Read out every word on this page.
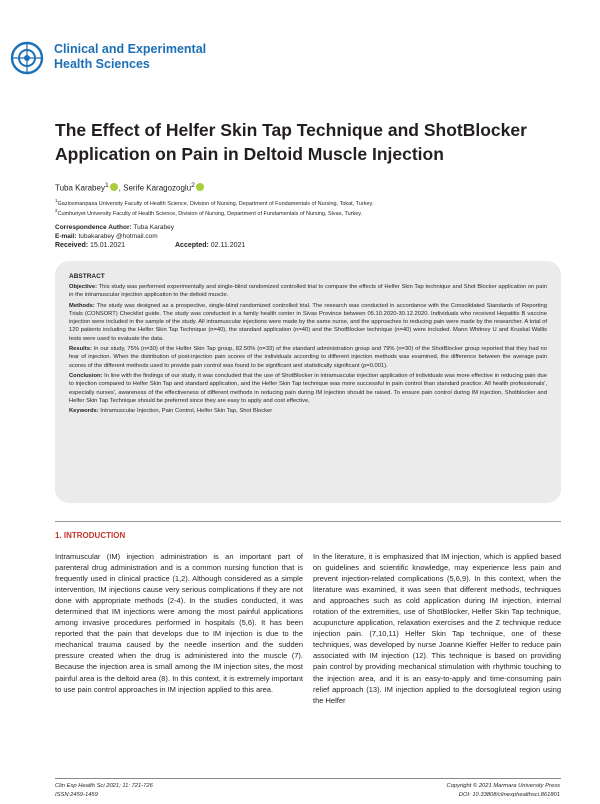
Clinical and Experimental
Health Sciences
The Effect of Helfer Skin Tap Technique and ShotBlocker Application on Pain in Deltoid Muscle Injection
Tuba Karabey$^1$ , Serife Karagozoglu$^2$
$^1$Gaziosmanpasa University Faculty of Health Science, Division of Nursing, Department of Fundamentals of Nursing, Tokat, Turkey.
$^2$Cumhuriyet University Faculty of Health Science, Division of Nursing, Department of Fundamentals of Nursing, Sivas, Turkey.
Correspondence Author: Tuba Karabey
E-mail: tubakarabey @hotmail.com
Received: 15.01.2021	Accepted: 02.11.2021
ABSTRACT

Objective: This study was performed experimentally and single-blind randomized controlled trial to compare the effects of Helfer Skin Tap technique and Shot Blocker application on pain in the intramuscular injection application to the deltoid muscle.

Methods: The study was designed as a prospective, single-blind randomized controlled trial. The research was conducted in accordance with the Consolidated Standards of Reporting Trials (CONSORT) Checklist guide. The study was conducted in a family health center in Sivas Province between 05.10.2020-30.12.2020. Individuals who received Hepatitis B vaccine injection were included in the sample of the study. All intramuscular injections were made by the same nurse, and the approaches to reducing pain were made by the researcher. A total of 120 patients including the Helfer Skin Tap Technique (n=40), the standard application (n=40) and the ShotBlocker technique (n=40) were included. Mann Whitney U and Kruskal Wallis tests were used to evaluate the data.

Results: In our study, 75% (n=30) of the Helfer Skin Tap group, 82.50% (n=33) of the standard administration group and 79% (n=30) of the ShotBlocker group reported that they had no fear of injection. When the distribution of post-injection pain scores of the individuals according to different injection methods was examined, the difference between the average pain scores of the different methods used to provide pain control was found to be significant and statistically significant (p=0.001).

Conclusion: In line with the findings of our study, it was concluded that the use of ShotBlocker in intramuscular injection application of individuals was more effective in reducing pain due to injection compared to Helfer Skin Tap and standard application, and the Helfer Skin Tap technique was more successful in pain control than standard practice. All health professionals', especially nurses', awareness of the effectiveness of different methods in reducing pain during IM injection should be raised. To ensure pain control during IM injection, Shotblocker and Helfer Skin Tap Technique should be preferred since they are easy to apply and cost effective,

Keywords: Intramuscular Injection, Pain Control, Helfer Skin Tap, Shot Blocker

1. INTRODUCTION
Intramuscular (IM) injection administration is an important part of parenteral drug administration and is a common nursing function that is frequently used in clinical practice (1,2). Although considered as a simple intervention, IM injections cause very serious complications if they are not done with appropriate methods (2-4). In the studies conducted, it was determined that IM injections were among the most painful applications among invasive procedures performed in hospitals (5,6). It has been reported that the pain that develops due to IM injection is due to the mechanical trauma caused by the needle insertion and the sudden pressure created when the drug is administered into the muscle (7). Because the injection area is small among the IM injection sites, the most painful area is the deltoid area (8). In this context, it is extremely important to use pain control approaches in IM injection applied to this area.
In the literature, it is emphasized that IM injection, which is applied based on guidelines and scientific knowledge, may experience less pain and prevent injection-related complications (5,6,9). In this context, when the literature was examined, it was seen that different methods, techniques and approaches such as cold application during IM injection, internal rotation of the extremities, use of ShotBlocker, Helfer Skin Tap technique, acupuncture application, relaxation exercises and the Z technique reduce injection pain. (7,10,11) Helfer Skin Tap technique, one of these techniques, was developed by nurse Joanne Kieffer Helfer to reduce pain associated with IM injection (12). This technique is based on providing pain control by providing mechanical stimulation with rhythmic touching to the injection area, and it is an easy-to-apply and time-consuming pain relief approach (13). IM injection applied to the dorsogluteal region using the Helfer
Clin Exp Health Sci 2021; 11: 721-726
ISSN:2459-1459
Copyright © 2021 Marmara University Press
DOI: 10.33808/clinexphealthsci.861801
